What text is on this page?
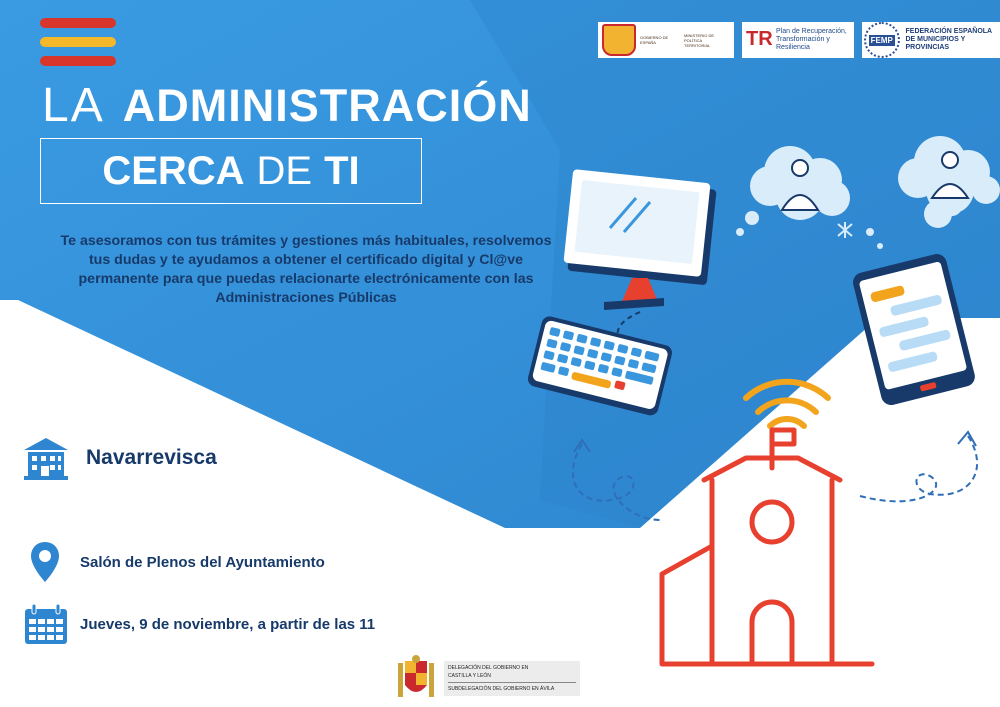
GOBIERNO DE ESPAÑA
MINISTERIO DE POLÍTICA TERRITORIAL	TR Plan de Recuperación, Transformación y Resiliencia
FEMP
FEDERACIÓN ESPAÑOLA DE MUNICIPIOS Y PROVINCIAS
LA ADMINISTRACIÓN
CERCA DE TI
Te asesoramos con tus trámites y gestiones más habituales, resolvemos tus dudas y te ayudamos a obtener el certificado digital y Cl@ve permanente para que puedas relacionarte electrónicamente con las Administraciones Públicas
Navarrevisca
Salón de Plenos del Ayuntamiento
Jueves, 9 de noviembre, a partir de las 11
DELEGACIÓN DEL GOBIERNO EN
CASTILLA Y LEÓN
SUBDELEGACIÓN DEL GOBIERNO EN ÁVILA
